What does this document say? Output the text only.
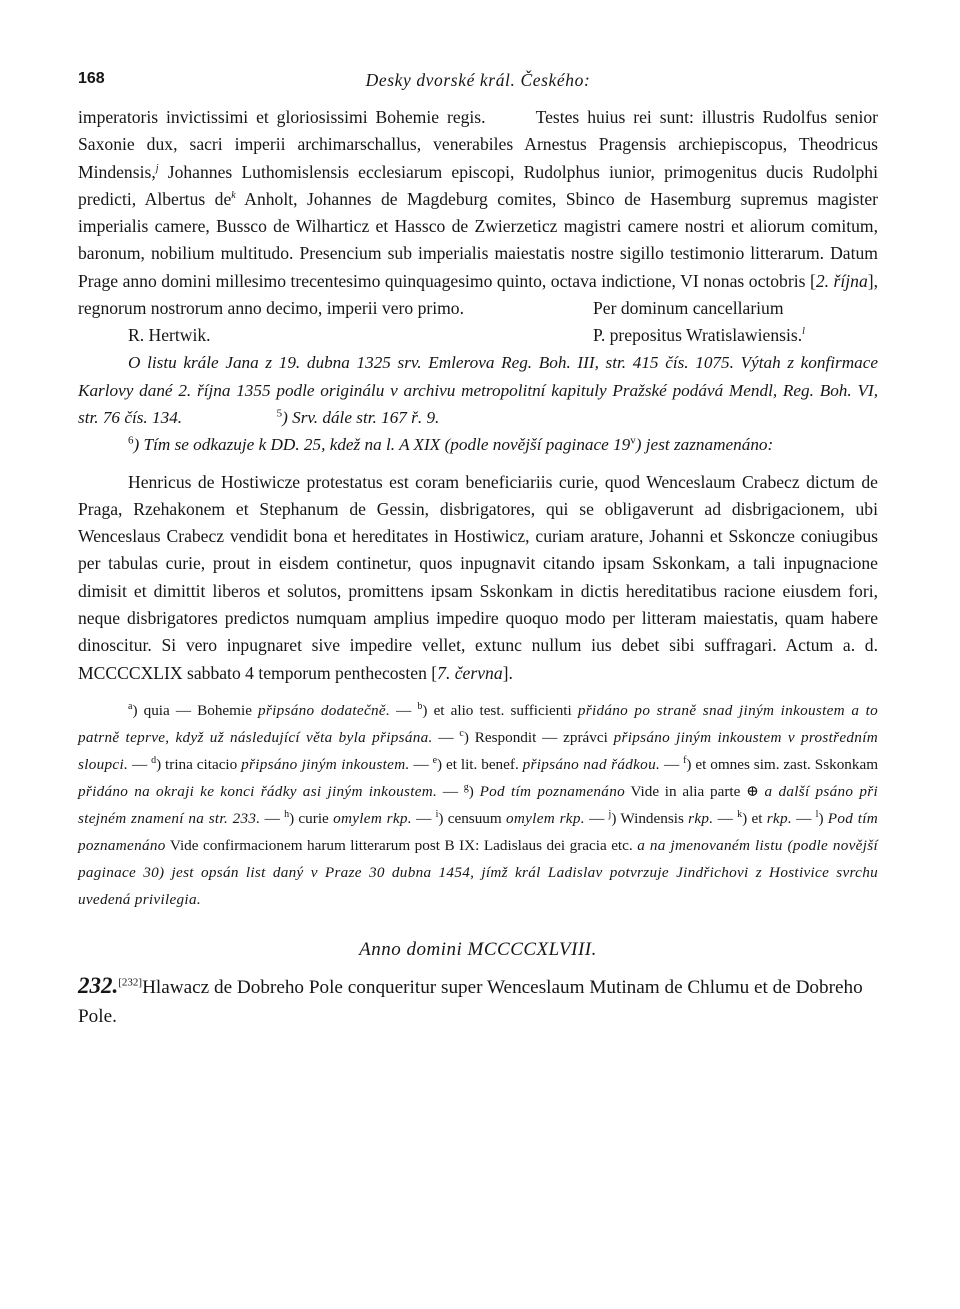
168	Desky dvorské král. Českého:

imperatoris invictissimi et gloriosissimi Bohemie regis.	Testes huius rei sunt: illustris Rudolfus senior Saxonie dux, sacri imperii archimarschallus, venerabiles Arnestus Pragensis archiepiscopus, Theodricus Mindensis,$^j$ Johannes Luthomislensis ecclesiarum episcopi, Rudolphus iunior, primogenitus ducis Rudolphi predicti, Albertus $de^k$ Anholt, Johannes de Magdeburg comites, Sbinco de Hasemburg supremus magister imperialis camere, Bussco de Wilharticz et Hassco de Zwierzeticz magistri camere nostri et aliorum comitum, baronum, nobilium multitudo. Presencium sub imperialis maiestatis nostre sigillo testimonio litterarum. Datum Prage anno domini millesimo trecentesimo quinquagesimo quinto, octava indictione, VI nonas octobris [2. října], regnorum nostrorum anno decimo, imperii vero primo.	Per dominum cancellarium
R. Hertwik.	P. prepositus Wratislawiensis.$^l$

O listu krále Jana z 19. dubna 1325 srv. Emlerova Reg. Boh. III, str. 415 čís. 1075. Výtah z konfirmace Karlovy dané 2. října 1355 podle originálu v archivu metropolitní kapituly Pražské podává Mendl, Reg. Boh. VI, str. 76 čís. 134.	$^5$) Srv. dále str. 167 ř. 9.

$^6$) Tím se odkazuje k DD. 25, kdež na l. A XIX (podle novější paginace 19$^v$) jest zaznamenáno:

Henricus de Hostiwicze protestatus est coram beneficiariis curie, quod Wenceslaum Crabecz dictum de Praga, Rzehakonem et Stephanum de Gessin, disbrigatores, qui se obligaverunt ad disbrigacionem, ubi Wenceslaus Crabecz vendidit bona et hereditates in Hostiwicz, curiam arature, Johanni et Sskoncze coniugibus per tabulas curie, prout in eisdem continetur, quos inpugnavit citando ipsam Sskonkam, a tali inpugnacione dimisit et dimittit liberos et solutos, promittens ipsam Sskonkam in dictis hereditatibus racione eiusdem fori, neque disbrigatores predictos numquam amplius impedire quoquo modo per litteram maiestatis, quam habere dinoscitur. Si vero inpugnaret sive impedire vellet, extunc nullum ius debet sibi suffragari. Actum a. d. MCCCCXLIX sabbato 4 temporum penthecosten [7. června].

$^a$) quia — Bohemie připsáno dodatečně. — $^b$) et alio test. sufficienti přidáno po straně snad jiným inkoustem a to patrně teprve, když už následující věta byla připsána. — $^c$) Respondit — zprávci připsáno jiným inkoustem v prostředním sloupci. — $^d$) trina citacio připsáno jiným inkoustem. — $^e$) et lit. benef. připsáno nad řádkou. — $^f$) et omnes sim. zast. Sskonkam přidáno na okraji ke konci řádky asi jiným inkoustem. — $^g$) Pod tím poznamenáno Vide in alia parte ⊕ a další psáno při stejném znamení na str. 233. — $^h$) curie omylem rkp. — $^i$) censuum omylem rkp. — $^j$) Windensis rkp. — $^k$) et rkp. — $^l$) Pod tím poznamenáno Vide confirmacionem harum litterarum post B IX: Ladislaus dei gracia etc. a na jmenovaném listu (podle novější paginace 30) jest opsán list daný v Praze 30 dubna 1454, jímž král Ladislav potvrzuje Jindřichovi z Hostivice svrchu uvedená privilegia.
Anno domini MCCCCXLVIII.
232.[232]Hlawacz de Dobreho Pole conqueritur super Wenceslaum Mutinam de Chlumu et de Dobreho Pole.
